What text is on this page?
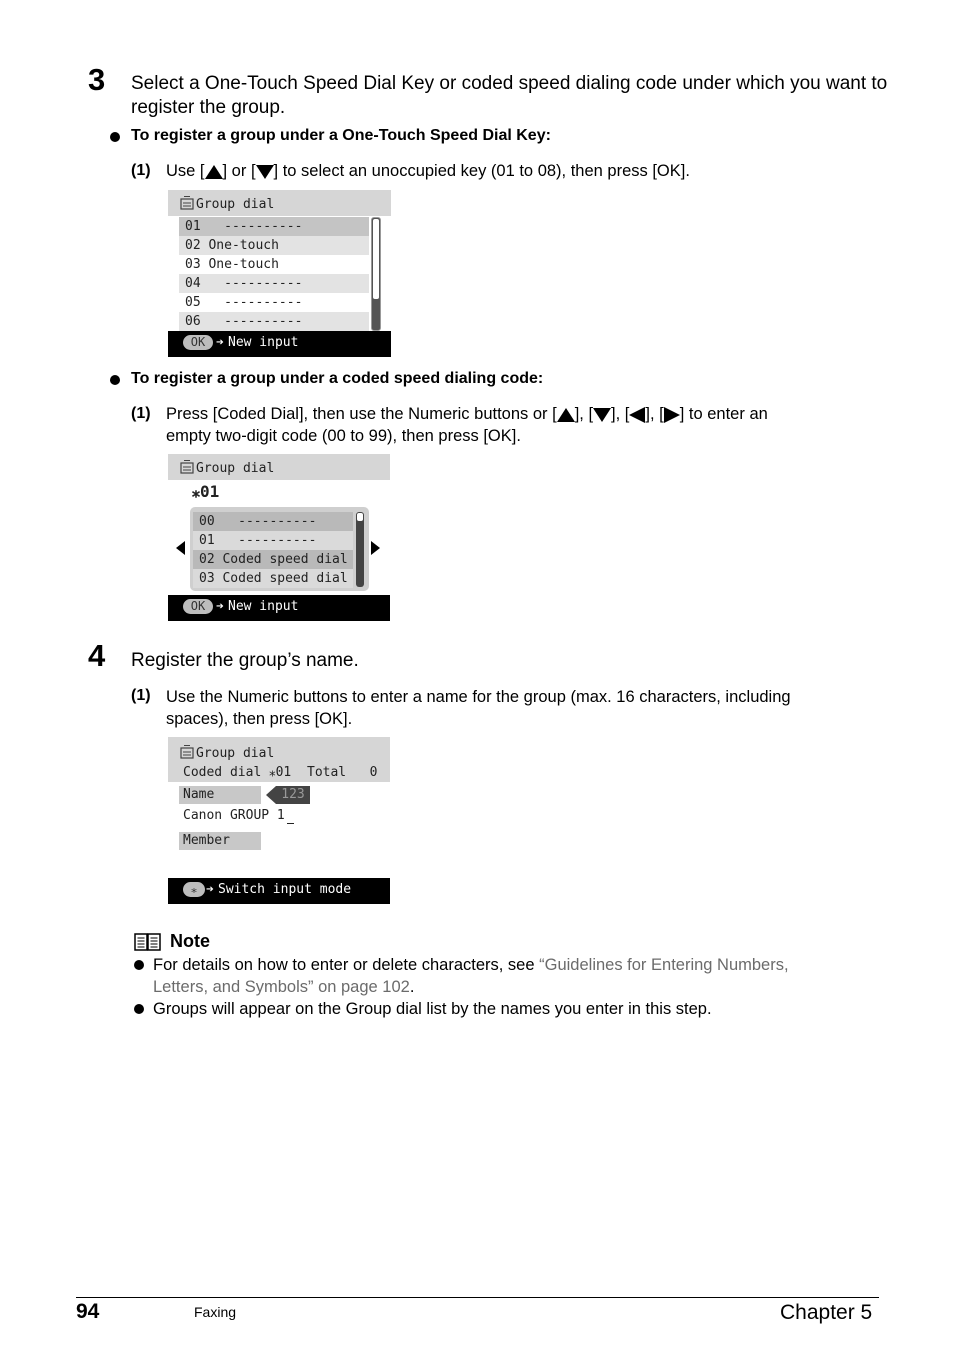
3 Select a One-Touch Speed Dial Key or coded speed dialing code under which you want to register the group.
To register a group under a One-Touch Speed Dial Key:
(1) Use [ ] or [ ] to select an unoccupied key (01 to 08), then press [OK].
Group dial
01 ----------
02 One-touch
03 One-touch
04 ----------
05 ----------
06 ----------
OK ➔ New input
To register a group under a coded speed dialing code:
(1) Press [Coded Dial], then use the Numeric buttons or [ ], [ ], [ ], [ ] to enter an
empty two-digit code (00 to 99), then press [OK].
Group dial
⁎01
00 ----------
01 ----------
02 Coded speed dial
03 Coded speed dial
OK ➔ New input
4 Register the group’s name.
(1) Use the Numeric buttons to enter a name for the group (max. 16 characters, including
spaces), then press [OK].
Group dial
Coded dial ⁎01 Total   0
Name	123
Canon GROUP 1
Member
⁎ ➔ Switch input mode
Note
For details on how to enter or delete characters, see “Guidelines for Entering Numbers,
Letters, and Symbols” on page 102.
Groups will appear on the Group dial list by the names you enter in this step.
94	Faxing	Chapter 5
